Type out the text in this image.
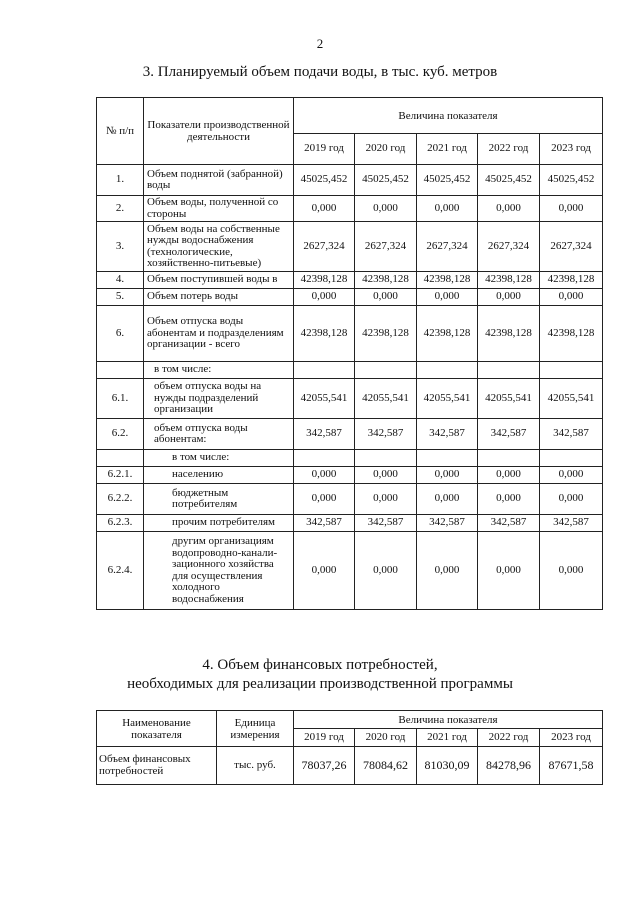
2
3. Планируемый объем подачи воды, в тыс. куб. метров
№ п/п	Показатели производственной деятельности	Величина показателя				
		2019 год	2020 год	2021 год	2022 год	2023 год
1.	Объем поднятой (забранной) воды	45025,452	45025,452	45025,452	45025,452	45025,452
2.	Объем воды, полученной со стороны	0,000	0,000	0,000	0,000	0,000
3.	Объем воды на собственные нужды водоснабжения (технологические, хозяйственно-питьевые)	2627,324	2627,324	2627,324	2627,324	2627,324
4.	Объем поступившей воды в	42398,128	42398,128	42398,128	42398,128	42398,128
5.	Объем потерь воды	0,000	0,000	0,000	0,000	0,000
6.	Объем отпуска воды абонентам и подразделениям организации - всего	42398,128	42398,128	42398,128	42398,128	42398,128
	в том числе:					
6.1.	объем отпуска воды на нужды подразделений организации	42055,541	42055,541	42055,541	42055,541	42055,541
6.2.	объем отпуска воды абонентам:	342,587	342,587	342,587	342,587	342,587
	в том числе:					
6.2.1.	населению	0,000	0,000	0,000	0,000	0,000
6.2.2.	бюджетным потребителям	0,000	0,000	0,000	0,000	0,000
6.2.3.	прочим потребителям	342,587	342,587	342,587	342,587	342,587
6.2.4.	другим организациям водопроводно-канали-зационного хозяйства для осуществления холодного водоснабжения	0,000	0,000	0,000	0,000	0,000
4. Объем финансовых потребностей,
необходимых для реализации производственной программы
Наименование показателя	Единица измерения	Величина показателя				
		2019 год	2020 год	2021 год	2022 год	2023 год
Объем финансовых потребностей	тыс. руб.	78037,26	78084,62	81030,09	84278,96	87671,58
